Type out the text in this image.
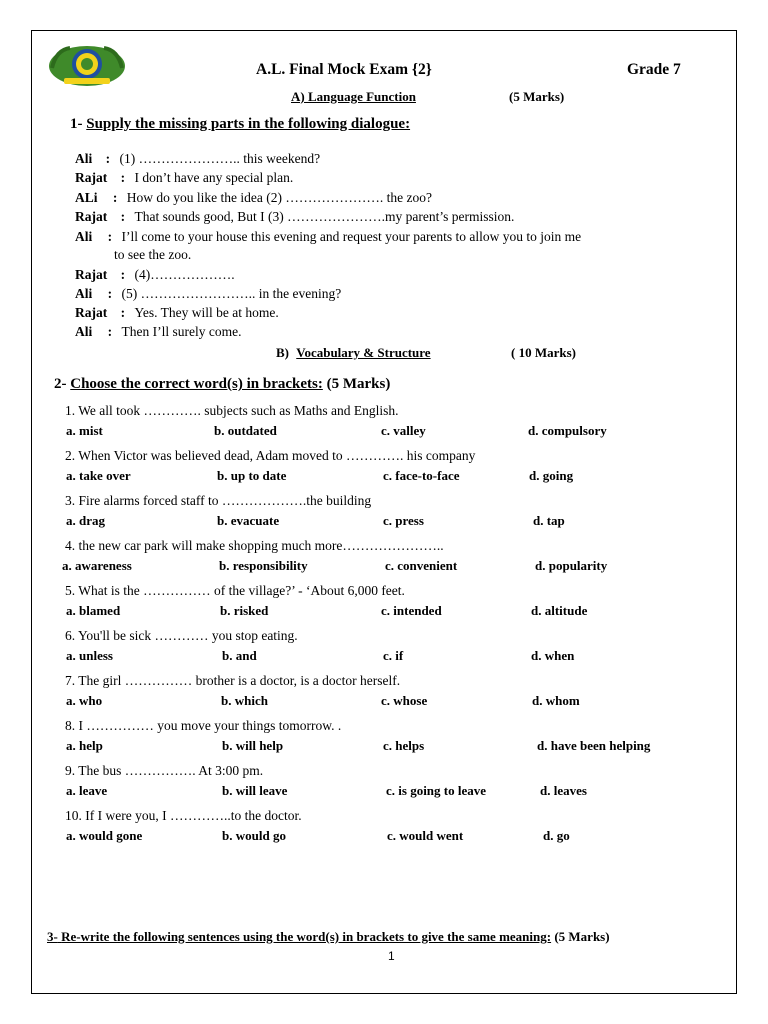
A.L. Final Mock Exam {2}	Grade 7
A) Language Function	(5 Marks)
1- Supply the missing parts in the following dialogue:
Ali : (1) ………………….. this weekend?
Rajat : I don’t have any special plan.
ALi : How do you like the idea (2) …………………. the zoo?
Rajat : That sounds good, But I (3) ………………….my parent’s permission.
Ali : I’ll come to your house this evening and request your parents to allow you to join me
to see the zoo.
Rajat : (4)……………….
Ali : (5) …………………….. in the evening?
Rajat : Yes. They will be at home.
Ali : Then I’ll surely come.
B) Vocabulary & Structure	( 10 Marks)
2- Choose the correct word(s) in brackets: (5 Marks)
1. We all took …………. subjects such as Maths and English.
a. mist	b. outdated	c. valley	d. compulsory
2. When Victor was believed dead, Adam moved to …………. his company
a. take over	b. up to date	c. face-to-face	d. going
3. Fire alarms forced staff to ……………….the building
a. drag	b. evacuate	c. press	d. tap
4. the new car park will make shopping much more…………………..
a. awareness	b. responsibility	c. convenient	d. popularity
5. What is the …………… of the village?’ - ‘About 6,000 feet.
a. blamed	b. risked	c. intended	d. altitude
6. You'll be sick ………… you stop eating.
a. unless	b. and	c. if	d. when
7. The girl …………… brother is a doctor, is a doctor herself.
a. who	b. which	c. whose	d. whom
8. I …………… you move your things tomorrow. .
a. help	b. will help	c. helps	d. have been helping
9. The bus ……………. At 3:00 pm.
a. leave	b. will leave	c. is going to leave	d. leaves
10. If I were you, I …………..to the doctor.
a. would gone	b. would go	c. would went	d. go
3- Re-write the following sentences using the word(s) in brackets to give the same meaning: (5 Marks)
1
